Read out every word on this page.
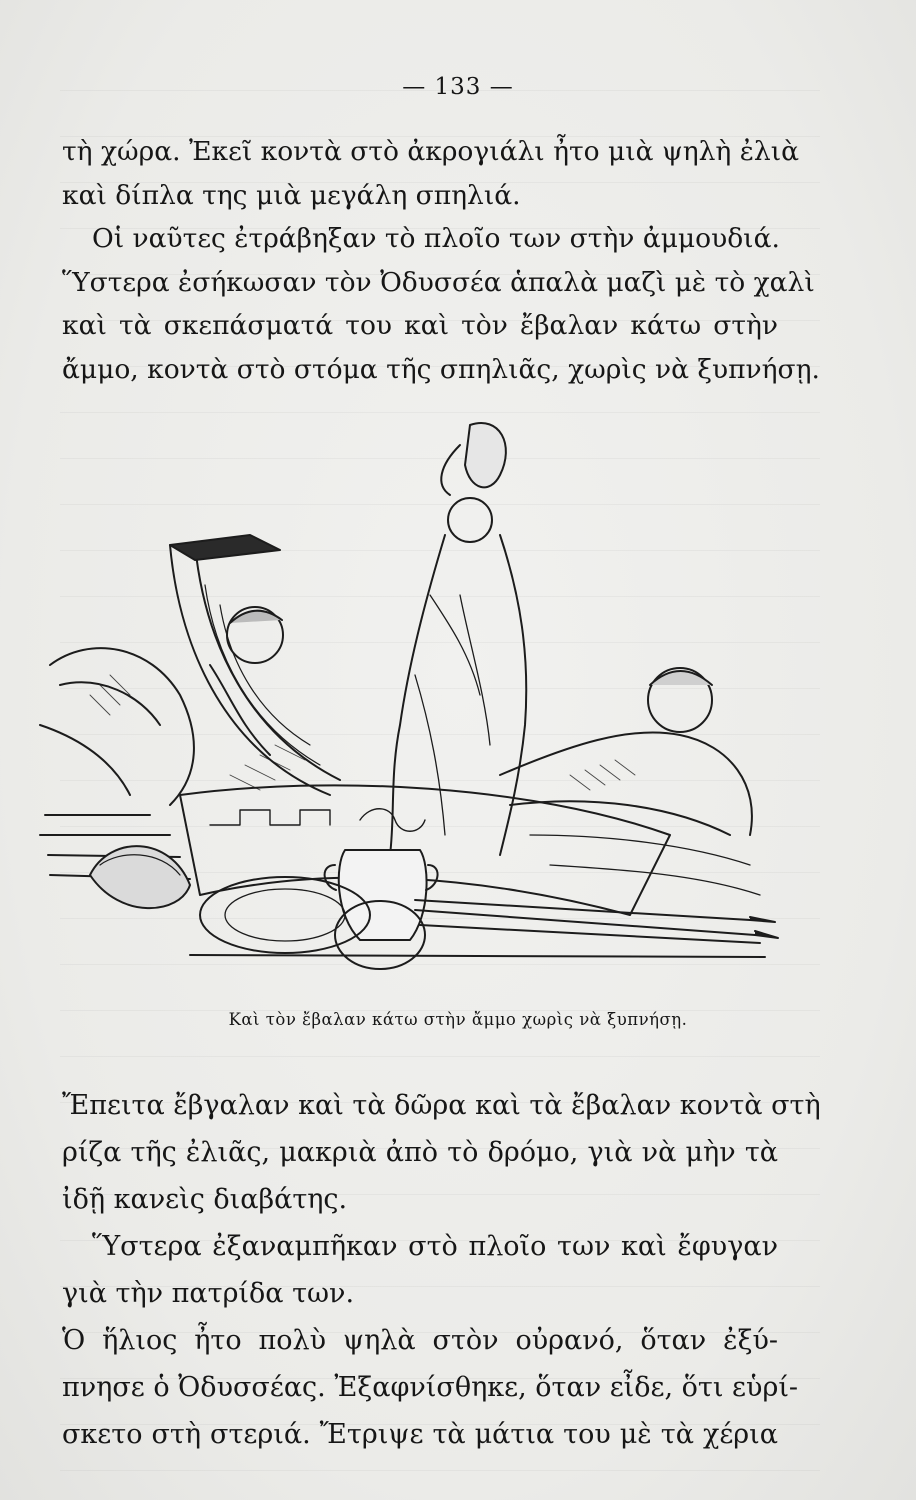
— 133 —
τὴ χώρα. Ἐκεῖ κοντὰ στὸ ἀκρογιάλι ἦτο μιὰ ψηλὴ ἐλιὰ
καὶ δίπλα της μιὰ μεγάλη σπηλιά.
Οἱ ναῦτες ἐτράβηξαν τὸ πλοῖο των στὴν ἀμμουδιά.
Ὕστερα ἐσήκωσαν τὸν Ὀδυσσέα ἁπαλὰ μαζὶ μὲ τὸ χαλὶ
καὶ τὰ σκεπάσματά του καὶ τὸν ἔβαλαν κάτω στὴν
ἄμμο, κοντὰ στὸ στόμα τῆς σπηλιᾶς, χωρὶς νὰ ξυπνήσῃ.
Καὶ τὸν ἔβαλαν κάτω στὴν ἄμμο χωρὶς νὰ ξυπνήσῃ.
Ἔπειτα ἔβγαλαν καὶ τὰ δῶρα καὶ τὰ ἔβαλαν κοντὰ στὴ
ρίζα τῆς ἐλιᾶς, μακριὰ ἀπὸ τὸ δρόμο, γιὰ νὰ μὴν τὰ
ἰδῇ κανεὶς διαβάτης.
Ὕστερα ἐξαναμπῆκαν στὸ πλοῖο των καὶ ἔφυγαν
γιὰ τὴν πατρίδα των.
Ὁ ἥλιος ἦτο πολὺ ψηλὰ στὸν οὐρανό, ὅταν ἐξύ-
πνησε ὁ Ὀδυσσέας. Ἐξαφνίσθηκε, ὅταν εἶδε, ὅτι εὑρί-
σκετο στὴ στεριά. Ἔτριψε τὰ μάτια του μὲ τὰ χέρια
